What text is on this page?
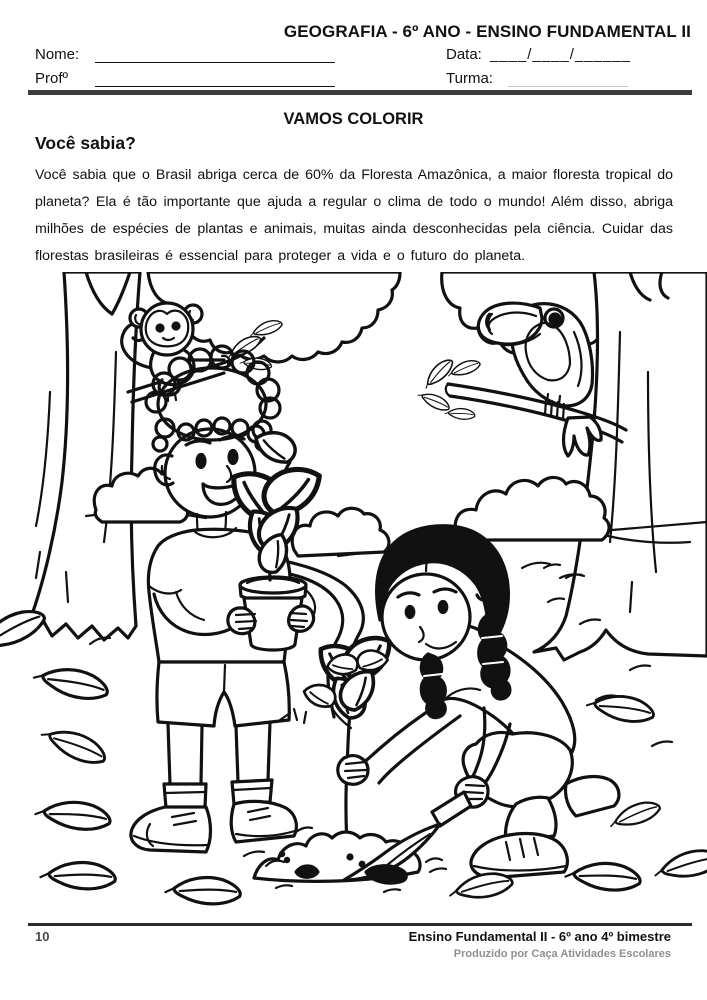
GEOGRAFIA - 6º ANO - ENSINO FUNDAMENTAL II
Nome:
Profº
Data: ____/____/______
Turma:
VAMOS COLORIR
Você sabia?

Você sabia que o Brasil abriga cerca de 60% da Floresta Amazônica, a maior floresta tropical do planeta? Ela é tão importante que ajuda a regular o clima de todo o mundo! Além disso, abriga milhões de espécies de plantas e animais, muitas ainda desconhecidas pela ciência. Cuidar das florestas brasileiras é essencial para proteger a vida e o futuro do planeta.

10	Ensino Fundamental II - 6º ano 4º bimestre
Produzido por Caça Atividades Escolares
